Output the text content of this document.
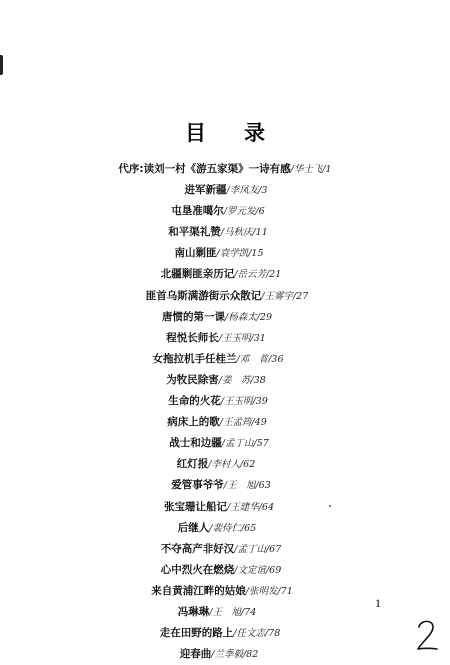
目录
代序:读刘一村《游五家渠》一诗有感/华士飞/1
进军新疆/李凤友/3
屯垦准噶尔/罗元发/6
和平渠礼赞/马秋庆/11
南山剿匪/袁学凯/15
北疆剿匪亲历记/岳云芳/21
匪首乌斯满游街示众散记/王雾宇/27
唐惯的第一课/杨森太/29
程悦长师长/王玉明/31
女拖拉机手任桂兰/邓　普/36
为牧民除害/姜　苏/38
生命的火花/王玉明/39
病床上的歌/王孟筠/49
战士和边疆/孟丁山/57
红灯报/李村人/62
爱管事爷爷/王　旭/63
张宝珊让船记/王建华/64
后继人/裴侍仁/65
不夺高产非好汉/孟丁山/67
心中烈火在燃烧/文定谊/69
来自黄浦江畔的姑娘/张明发/71
冯琳琳/王　旭/74
走在田野的路上/任文志/78
迎春曲/兰季毅/82
1
